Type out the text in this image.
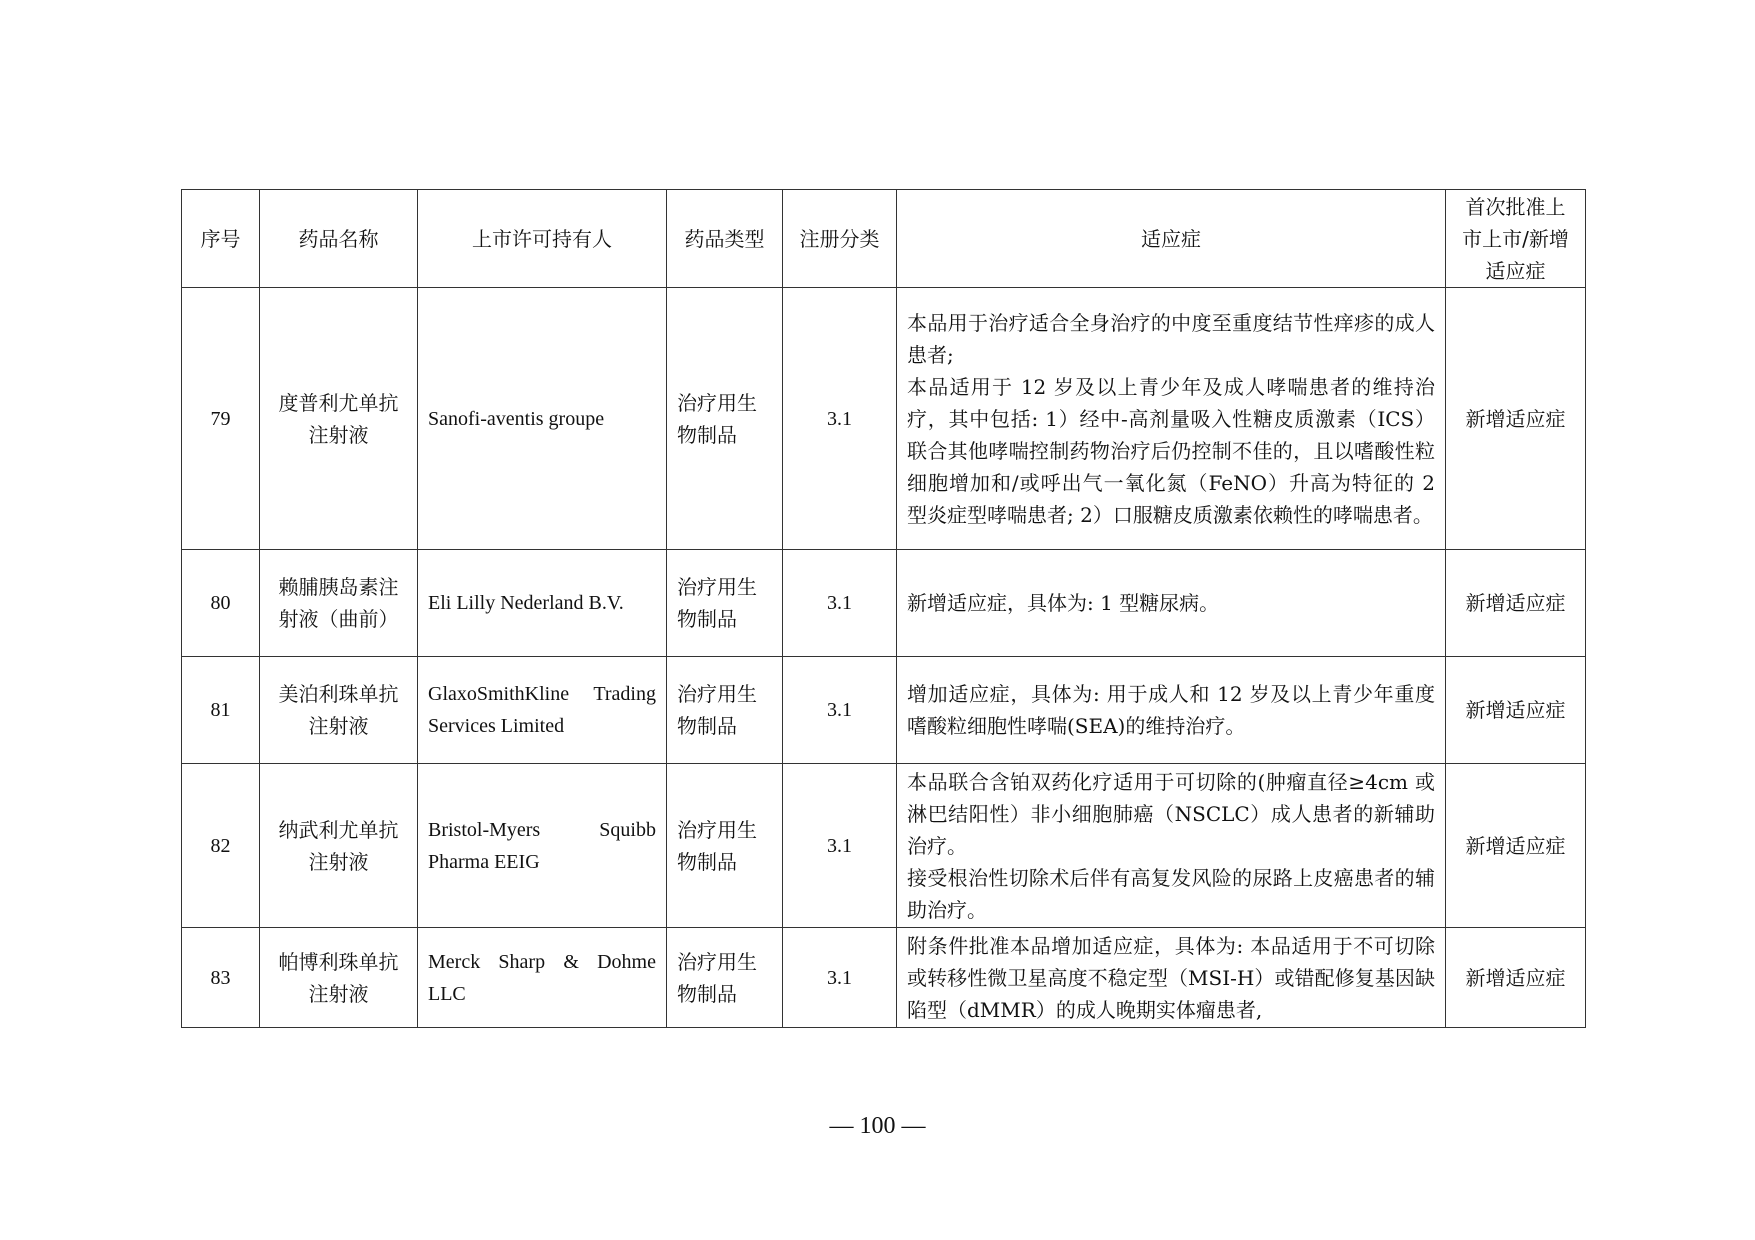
序号	药品名称	上市许可持有人	药品类型	注册分类	适应症	首次批准上市上市/新增适应症
79	度普利尤单抗注射液	Sanofi-aventis groupe	治疗用生物制品	3.1	本品用于治疗适合全身治疗的中度至重度结节性痒疹的成人患者;
本品适用于 12 岁及以上青少年及成人哮喘患者的维持治疗，其中包括: 1）经中-高剂量吸入性糖皮质激素（ICS）联合其他哮喘控制药物治疗后仍控制不佳的，且以嗜酸性粒细胞增加和/或呼出气一氧化氮（FeNO）升高为特征的 2 型炎症型哮喘患者; 2）口服糖皮质激素依赖性的哮喘患者。	新增适应症
80	赖脯胰岛素注射液（曲前）	Eli Lilly Nederland B.V.	治疗用生物制品	3.1	新增适应症，具体为: 1 型糖尿病。	新增适应症
81	美泊利珠单抗注射液	GlaxoSmithKline Trading Services Limited	治疗用生物制品	3.1	增加适应症，具体为: 用于成人和 12 岁及以上青少年重度嗜酸粒细胞性哮喘(SEA)的维持治疗。	新增适应症
82	纳武利尤单抗注射液	Bristol-Myers Squibb Pharma EEIG	治疗用生物制品	3.1	本品联合含铂双药化疗适用于可切除的(肿瘤直径≥4cm 或淋巴结阳性）非小细胞肺癌（NSCLC）成人患者的新辅助治疗。
接受根治性切除术后伴有高复发风险的尿路上皮癌患者的辅助治疗。	新增适应症
83	帕博利珠单抗注射液	Merck Sharp & Dohme LLC	治疗用生物制品	3.1	附条件批准本品增加适应症，具体为: 本品适用于不可切除或转移性微卫星高度不稳定型（MSI-H）或错配修复基因缺陷型（dMMR）的成人晚期实体瘤患者,	新增适应症
— 100 —
